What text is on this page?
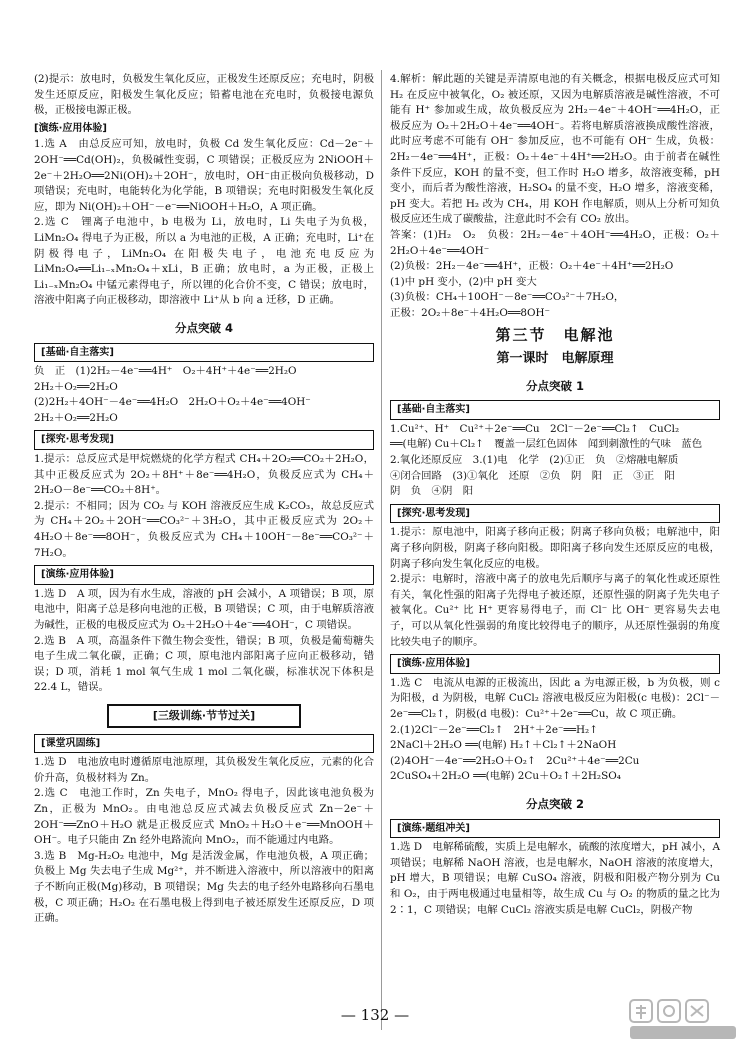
(2)提示：放电时，负极发生氧化反应，正极发生还原反应；充电时，阴极发生还原反应，阳极发生氧化反应；铅蓄电池在充电时，负极接电源负极，正极接电源正极。

[演练·应用体验]

1.选 A　由总反应可知，放电时，负极 Cd 发生氧化反应：Cd－2e⁻＋2OH⁻══Cd(OH)₂，负极碱性变弱，C 项错误；正极反应为 2NiOOH＋2e⁻＋2H₂O══2Ni(OH)₂＋2OH⁻，放电时，OH⁻由正极向负极移动，D 项错误；充电时，电能转化为化学能，B 项错误；充电时阳极发生氧化反应，即为 Ni(OH)₂＋OH⁻－e⁻══NiOOH＋H₂O，A 项正确。

2.选 C　锂离子电池中，b 电极为 Li，放电时，Li 失电子为负极，LiMn₂O₄ 得电子为正极，所以 a 为电池的正极，A 正确；充电时，Li⁺在阴极得电子，LiMn₂O₄ 在阳极失电子，电池充电反应为 LiMn₂O₄══Li₁₋ₓMn₂O₄＋xLi，B 正确；放电时，a 为正极，正极上 Li₁₋ₓMn₂O₄ 中锰元素得电子，所以锂的化合价不变，C 错误；放电时，溶液中阳离子向正极移动，即溶液中 Li⁺从 b 向 a 迁移，D 正确。

分点突破 4
[基础·自主落实]

负　正　(1)2H₂－4e⁻══4H⁺　O₂＋4H⁺＋4e⁻══2H₂O

2H₂＋O₂══2H₂O

(2)2H₂＋4OH⁻－4e⁻══4H₂O　2H₂O＋O₂＋4e⁻══4OH⁻

2H₂＋O₂══2H₂O

[探究·思考发现]

1.提示：总反应式是甲烷燃烧的化学方程式 CH₄＋2O₂══CO₂＋2H₂O，其中正极反应式为 2O₂＋8H⁺＋8e⁻══4H₂O，负极反应式为 CH₄＋2H₂O－8e⁻══CO₂＋8H⁺。

2.提示：不相同；因为 CO₂ 与 KOH 溶液反应生成 K₂CO₃，故总反应式为 CH₄＋2O₂＋2OH⁻══CO₃²⁻＋3H₂O，其中正极反应式为 2O₂＋4H₂O＋8e⁻══8OH⁻，负极反应式为 CH₄＋10OH⁻－8e⁻══CO₃²⁻＋7H₂O。

[演练·应用体验]

1.选 D　A 项，因为有水生成，溶液的 pH 会减小，A 项错误；B 项，原电池中，阳离子总是移向电池的正极，B 项错误；C 项，由于电解质溶液为碱性，正极的电极反应式为 O₂＋2H₂O＋4e⁻══4OH⁻，C 项错误。

2.选 B　A 项，高温条件下微生物会变性，错误；B 项，负极是葡萄糖失电子生成二氧化碳，正确；C 项，原电池内部阳离子应向正极移动，错误；D 项，消耗 1 mol 氧气生成 1 mol 二氧化碳，标准状况下体积是 22.4 L，错误。

[三级训练·节节过关]
[课堂巩固练]

1.选 D　电池放电时遵循原电池原理，其负极发生氧化反应，元素的化合价升高，负极材料为 Zn。

2.选 C　电池工作时，Zn 失电子，MnO₂ 得电子，因此该电池负极为 Zn，正极为 MnO₂。由电池总反应式减去负极反应式 Zn－2e⁻＋2OH⁻══ZnO＋H₂O 就是正极反应式 MnO₂＋H₂O＋e⁻══MnOOH＋OH⁻。电子只能由 Zn 经外电路流向 MnO₂，而不能通过内电路。

3.选 B　Mg-H₂O₂ 电池中，Mg 是活泼金属，作电池负极，A 项正确；负极上 Mg 失去电子生成 Mg²⁺，并不断进入溶液中，所以溶液中的阳离子不断向正极(Mg)移动，B 项错误；Mg 失去的电子经外电路移向石墨电极，C 项正确；H₂O₂ 在石墨电极上得到电子被还原发生还原反应，D 项正确。

4.解析：解此题的关键是弄清原电池的有关概念，根据电极反应式可知 H₂ 在反应中被氧化，O₂ 被还原，又因为电解质溶液是碱性溶液，不可能有 H⁺ 参加或生成，故负极反应为 2H₂－4e⁻＋4OH⁻══4H₂O，正极反应为 O₂＋2H₂O＋4e⁻══4OH⁻。若将电解质溶液换成酸性溶液，此时应考虑不可能有 OH⁻ 参加反应，也不可能有 OH⁻ 生成，负极：2H₂－4e⁻══4H⁺，正极：O₂＋4e⁻＋4H⁺══2H₂O。由于前者在碱性条件下反应，KOH 的量不变，但工作时 H₂O 增多，故溶液变稀，pH 变小，而后者为酸性溶液，H₂SO₄ 的量不变，H₂O 增多，溶液变稀，pH 变大。若把 H₂ 改为 CH₄，用 KOH 作电解质，则从上分析可知负极反应还生成了碳酸盐，注意此时不会有 CO₂ 放出。

答案：(1)H₂　O₂　负极：2H₂－4e⁻＋4OH⁻══4H₂O，正极：O₂＋2H₂O＋4e⁻══4OH⁻

(2)负极：2H₂－4e⁻══4H⁺，正极：O₂＋4e⁻＋4H⁺══2H₂O

(1)中 pH 变小，(2)中 pH 变大

(3)负极：CH₄＋10OH⁻－8e⁻══CO₃²⁻＋7H₂O，

正极：2O₂＋8e⁻＋4H₂O══8OH⁻

第三节　电解池
第一课时　电解原理
分点突破 1
[基础·自主落实]

1.Cu²⁺、H⁺　Cu²⁺＋2e⁻══Cu　2Cl⁻－2e⁻══Cl₂↑　CuCl₂

══(电解) Cu＋Cl₂↑　覆盖一层红色固体　闻到刺激性的气味　蓝色

2.氧化还原反应　3.(1)电　化学　(2)①正　负　②熔融电解质

④闭合回路　(3)①氧化　还原　②负　阴　阳　正　③正　阳

阴　负　④阴　阳

[探究·思考发现]

1.提示：原电池中，阳离子移向正极；阴离子移向负极；电解池中，阳离子移向阴极，阴离子移向阳极。即阳离子移向发生还原反应的电极，阴离子移向发生氧化反应的电极。

2.提示：电解时，溶液中离子的放电先后顺序与离子的氧化性或还原性有关，氧化性强的阳离子先得电子被还原，还原性强的阴离子先失电子被氧化。Cu²⁺ 比 H⁺ 更容易得电子，而 Cl⁻ 比 OH⁻ 更容易失去电子，可以从氧化性强弱的角度比较得电子的顺序，从还原性强弱的角度比较失电子的顺序。

[演练·应用体验]

1.选 C　电流从电源的正极流出，因此 a 为电源正极，b 为负极，则 c 为阳极，d 为阴极，电解 CuCl₂ 溶液电极反应为阳极(c 电极)：2Cl⁻－2e⁻══Cl₂↑，阴极(d 电极)：Cu²⁺＋2e⁻══Cu，故 C 项正确。

2.(1)2Cl⁻－2e⁻══Cl₂↑　2H⁺＋2e⁻══H₂↑

2NaCl＋2H₂O ══(电解) H₂↑＋Cl₂↑＋2NaOH

(2)4OH⁻－4e⁻══2H₂O＋O₂↑　2Cu²⁺＋4e⁻══2Cu

2CuSO₄＋2H₂O ══(电解) 2Cu＋O₂↑＋2H₂SO₄

分点突破 2
[演练·题组冲关]

1.选 D　电解稀硫酸，实质上是电解水，硫酸的浓度增大，pH 减小，A 项错误；电解稀 NaOH 溶液，也是电解水，NaOH 溶液的浓度增大，pH 增大，B 项错误；电解 CuSO₄ 溶液，阴极和阳极产物分别为 Cu 和 O₂，由于两电极通过电量相等，故生成 Cu 与 O₂ 的物质的量之比为 2∶1，C 项错误；电解 CuCl₂ 溶液实质是电解 CuCl₂，阴极产物

— 132 —
